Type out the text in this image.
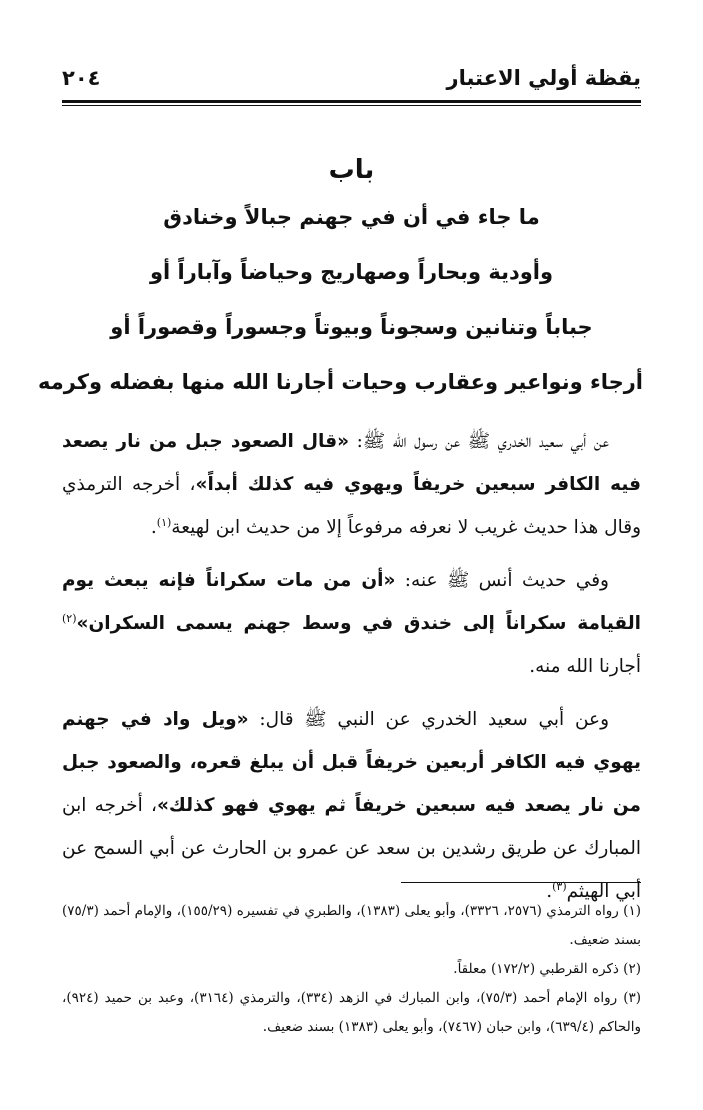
يقظة أولي الاعتبار
٢٠٤
باب
ما جاء في أن في جهنم جبالاً وخنادق
وأودية وبحاراً وصهاريج وحياضاً وآباراً أو
جباباً وتنانين وسجوناً وبيوتاً وجسوراً وقصوراً أو
أرجاء ونواعير وعقارب وحيات أجارنا الله منها بفضله وكرمه

عن أبي سعيد الخدري ﷺ عن رسول الله ﷺ: «قال الصعود جبل من نار يصعد فيه الكافر سبعين خريفاً ويهوي فيه كذلك أبداً»، أخرجه الترمذي وقال هذا حديث غريب لا نعرفه مرفوعاً إلا من حديث ابن لهيعة$^{(١)}$.

وفي حديث أنس ﷺ عنه: «أن من مات سكراناً فإنه يبعث يوم القيامة سكراناً إلى خندق في وسط جهنم يسمى السكران»$^{(٢)}$ أجارنا الله منه.

وعن أبي سعيد الخدري عن النبي ﷺ قال: «ويل واد في جهنم يهوي فيه الكافر أربعين خريفاً قبل أن يبلغ قعره، والصعود جبل من نار يصعد فيه سبعين خريفاً ثم يهوي فهو كذلك»، أخرجه ابن المبارك عن طريق رشدين بن سعد عن عمرو بن الحارث عن أبي السمح عن أبي الهيثم$^{(٣)}$.

(١) رواه الترمذي (٢٥٧٦، ٣٣٢٦)، وأبو يعلى (١٣٨٣)، والطبري في تفسيره (١٥٥/٢٩)، والإمام أحمد (٧٥/٣) بسند ضعيف.

(٢) ذكره القرطبي (١٧٢/٢) معلقاً.

(٣) رواه الإمام أحمد (٧٥/٣)، وابن المبارك في الزهد (٣٣٤)، والترمذي (٣١٦٤)، وعبد بن حميد (٩٢٤)، والحاكم (٦٣٩/٤)، وابن حبان (٧٤٦٧)، وأبو يعلى (١٣٨٣) بسند ضعيف.
